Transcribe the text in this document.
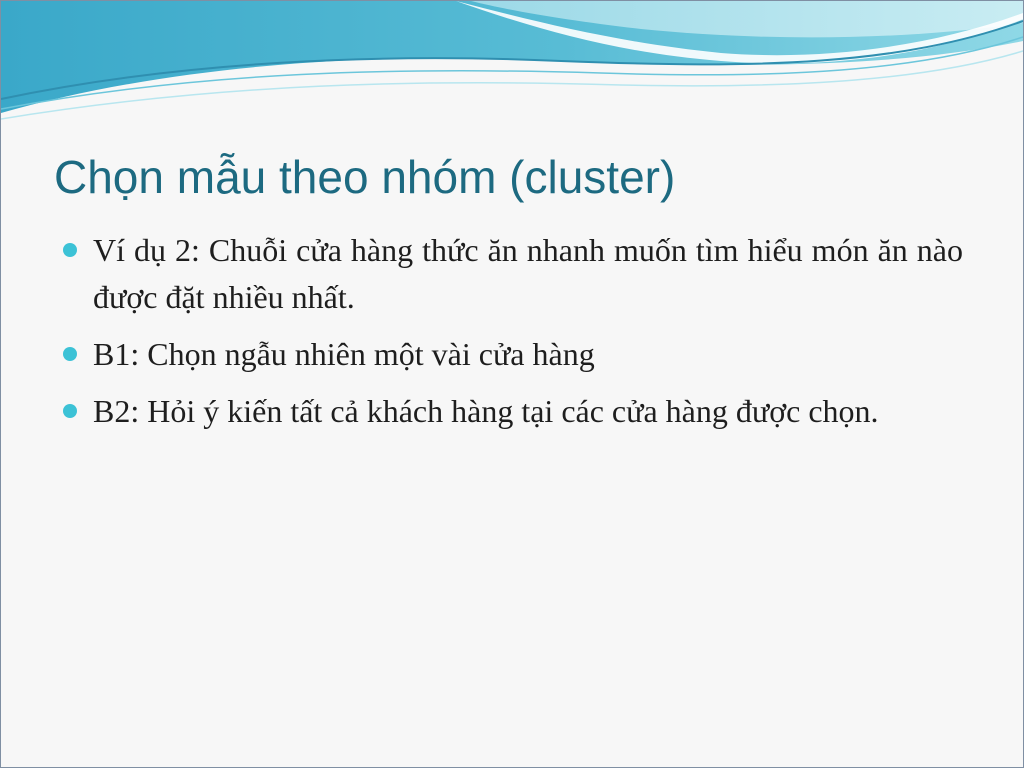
Chọn mẫu theo nhóm (cluster)
Ví dụ 2: Chuỗi cửa hàng thức ăn nhanh muốn tìm hiểu món ăn nào được đặt nhiều nhất.
B1: Chọn ngẫu nhiên một vài cửa hàng
B2: Hỏi ý kiến tất cả khách hàng tại các cửa hàng được chọn.
